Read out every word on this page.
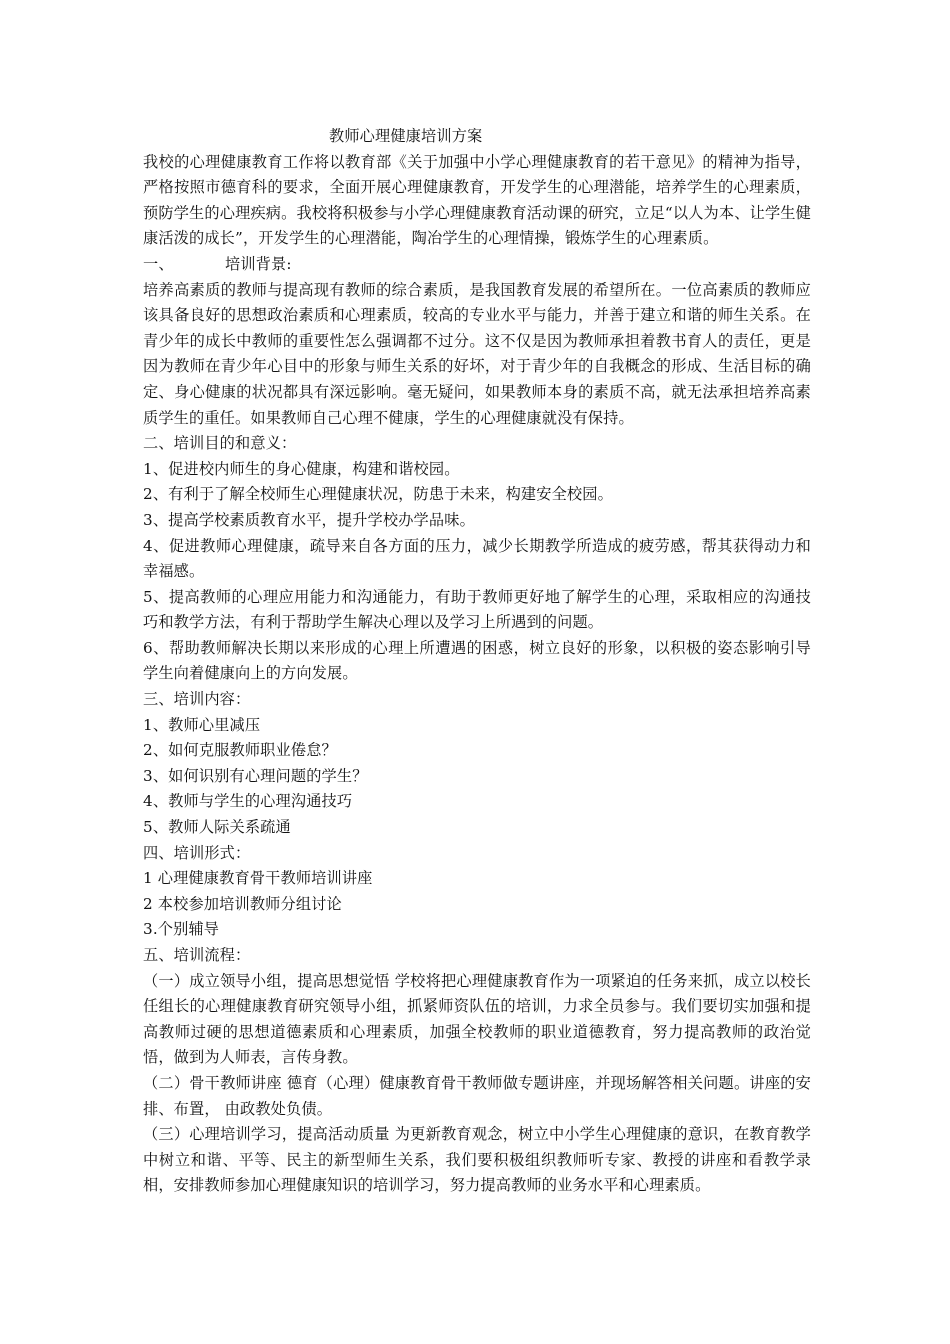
教师心理健康培训方案

我校的心理健康教育工作将以教育部《关于加强中小学心理健康教育的若干意见》的精神为指导，严格按照市德育科的要求，全面开展心理健康教育，开发学生的心理潜能，培养学生的心理素质，预防学生的心理疾病。我校将积极参与小学心理健康教育活动课的研究，立足“以人为本、让学生健康活泼的成长”，开发学生的心理潜能，陶冶学生的心理情操，锻炼学生的心理素质。

一、	培训背景:

培养高素质的教师与提高现有教师的综合素质，是我国教育发展的希望所在。一位高素质的教师应该具备良好的思想政治素质和心理素质，较高的专业水平与能力，并善于建立和谐的师生关系。在青少年的成长中教师的重要性怎么强调都不过分。这不仅是因为教师承担着教书育人的责任，更是因为教师在青少年心目中的形象与师生关系的好坏，对于青少年的自我概念的形成、生活目标的确定、身心健康的状况都具有深远影响。毫无疑问，如果教师本身的素质不高，就无法承担培养高素质学生的重任。如果教师自己心理不健康，学生的心理健康就没有保持。

二、培训目的和意义：

1、促进校内师生的身心健康，构建和谐校园。

2、有利于了解全校师生心理健康状况，防患于未来，构建安全校园。

3、提高学校素质教育水平，提升学校办学品味。

4、促进教师心理健康，疏导来自各方面的压力，减少长期教学所造成的疲劳感，帮其获得动力和幸福感。

5、提高教师的心理应用能力和沟通能力，有助于教师更好地了解学生的心理，采取相应的沟通技巧和教学方法，有利于帮助学生解决心理以及学习上所遇到的问题。

6、帮助教师解决长期以来形成的心理上所遭遇的困惑，树立良好的形象，以积极的姿态影响引导学生向着健康向上的方向发展。

三、培训内容：

1、教师心里减压

2、如何克服教师职业倦怠？

3、如何识别有心理问题的学生？

4、教师与学生的心理沟通技巧

5、教师人际关系疏通

四、培训形式：

1 心理健康教育骨干教师培训讲座

2 本校参加培训教师分组讨论

3.个别辅导

五、培训流程：

（一）成立领导小组，提高思想觉悟 学校将把心理健康教育作为一项紧迫的任务来抓，成立以校长任组长的心理健康教育研究领导小组，抓紧师资队伍的培训，力求全员参与。我们要切实加强和提高教师过硬的思想道德素质和心理素质，加强全校教师的职业道德教育，努力提高教师的政治觉悟，做到为人师表，言传身教。

（二）骨干教师讲座 德育（心理）健康教育骨干教师做专题讲座，并现场解答相关问题。讲座的安排、布置， 由政教处负债。

（三）心理培训学习，提高活动质量 为更新教育观念，树立中小学生心理健康的意识，在教育教学中树立和谐、平等、民主的新型师生关系，我们要积极组织教师听专家、教授的讲座和看教学录相，安排教师参加心理健康知识的培训学习，努力提高教师的业务水平和心理素质。
